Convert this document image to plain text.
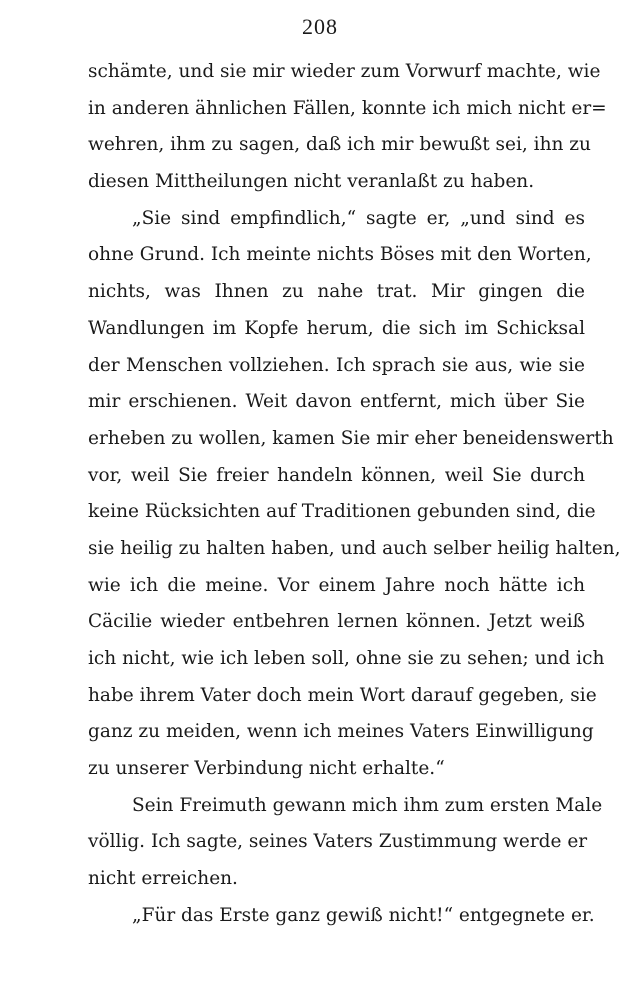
208
schämte, und sie mir wieder zum Vorwurf machte, wie
in anderen ähnlichen Fällen, konnte ich mich nicht er=
wehren, ihm zu sagen, daß ich mir bewußt sei, ihn zu
diesen Mittheilungen nicht veranlaßt zu haben.
„Sie sind empfindlich,“ sagte er, „und sind es
ohne Grund. Ich meinte nichts Böses mit den Worten,
nichts, was Ihnen zu nahe trat. Mir gingen die
Wandlungen im Kopfe herum, die sich im Schicksal
der Menschen vollziehen. Ich sprach sie aus, wie sie
mir erschienen. Weit davon entfernt, mich über Sie
erheben zu wollen, kamen Sie mir eher beneidenswerth
vor, weil Sie freier handeln können, weil Sie durch
keine Rücksichten auf Traditionen gebunden sind, die
sie heilig zu halten haben, und auch selber heilig halten,
wie ich die meine. Vor einem Jahre noch hätte ich
Cäcilie wieder entbehren lernen können. Jetzt weiß
ich nicht, wie ich leben soll, ohne sie zu sehen; und ich
habe ihrem Vater doch mein Wort darauf gegeben, sie
ganz zu meiden, wenn ich meines Vaters Einwilligung
zu unserer Verbindung nicht erhalte.“
Sein Freimuth gewann mich ihm zum ersten Male
völlig. Ich sagte, seines Vaters Zustimmung werde er
nicht erreichen.
„Für das Erste ganz gewiß nicht!“ entgegnete er.
